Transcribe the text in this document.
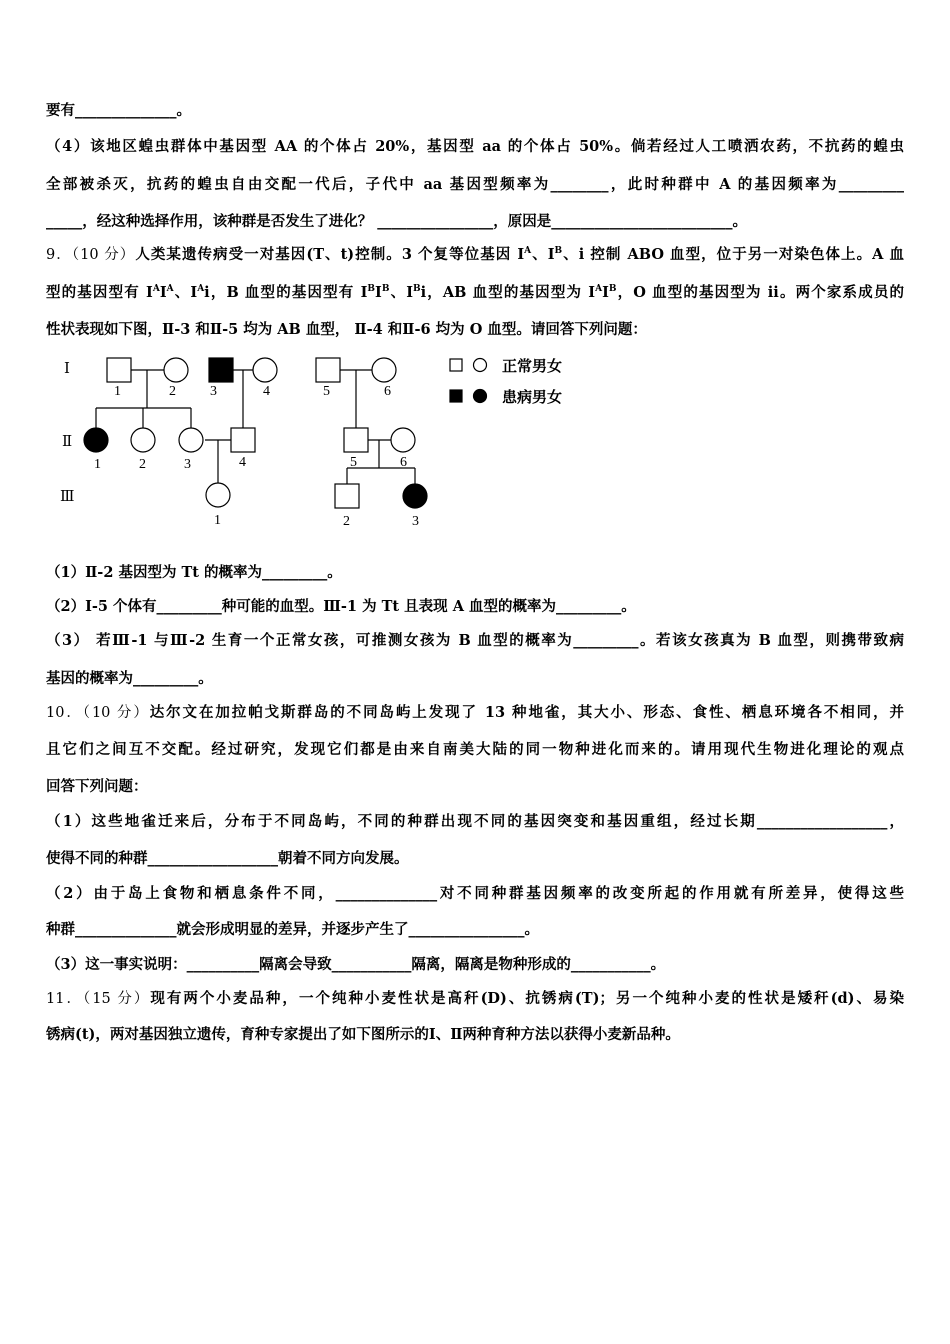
要有______________。
（4）该地区蝗虫群体中基因型 AA 的个体占 20%，基因型 aa 的个体占 50%。倘若经过人工喷洒农药，不抗药的蝗虫
全部被杀灭，抗药的蝗虫自由交配一代后，子代中 aa 基因型频率为________，此时种群中 A 的基因频率为_________
_____，经这种选择作用，该种群是否发生了进化？ ________________，原因是_________________________。
9．（10 分）人类某遗传病受一对基因(T、t)控制。3 个复等位基因 $I^A$、$I^B$、i 控制 ABO 血型，位于另一对染色体上。A 血
型的基因型有 $I^AI^A$、$I^Ai$，B 血型的基因型有 $I^BI^B$、$I^Bi$，AB 血型的基因型为 $I^AI^B$，O 血型的基因型为 ii。两个家系成员的
性状表现如下图，Ⅱ-3 和Ⅱ-5 均为 AB 血型， Ⅱ-4 和Ⅱ-6 均为 O 血型。请回答下列问题：
Ⅰ
Ⅱ
Ⅲ
1	2 3	4
1	2	3	4
1
5	6
5	6
2	3
正常男女
患病男女
（1）Ⅱ-2 基因型为 Tt 的概率为_________。
（2）Ⅰ-5 个体有_________种可能的血型。Ⅲ-1 为 Tt 且表现 A 血型的概率为_________。
（3） 若Ⅲ-1 与Ⅲ-2 生育一个正常女孩，可推测女孩为 B 血型的概率为_________。若该女孩真为 B 血型，则携带致病
基因的概率为_________。
10．（10 分）达尔文在加拉帕戈斯群岛的不同岛屿上发现了 13 种地雀，其大小、形态、食性、栖息环境各不相同，并
且它们之间互不交配。经过研究，发现它们都是由来自南美大陆的同一物种进化而来的。请用现代生物进化理论的观点
回答下列问题：
（1）这些地雀迁来后，分布于不同岛屿，不同的种群出现不同的基因突变和基因重组，经过长期__________________，
使得不同的种群__________________朝着不同方向发展。
（2）由于岛上食物和栖息条件不同，______________对不同种群基因频率的改变所起的作用就有所差异，使得这些
种群______________就会形成明显的差异，并逐步产生了________________。
（3）这一事实说明：__________隔离会导致___________隔离，隔离是物种形成的___________。
11．（15 分）现有两个小麦品种，一个纯种小麦性状是高秆(D)、抗锈病(T)；另一个纯种小麦的性状是矮秆(d)、易染
锈病(t)，两对基因独立遗传，育种专家提出了如下图所示的Ⅰ、Ⅱ两种育种方法以获得小麦新品种。
